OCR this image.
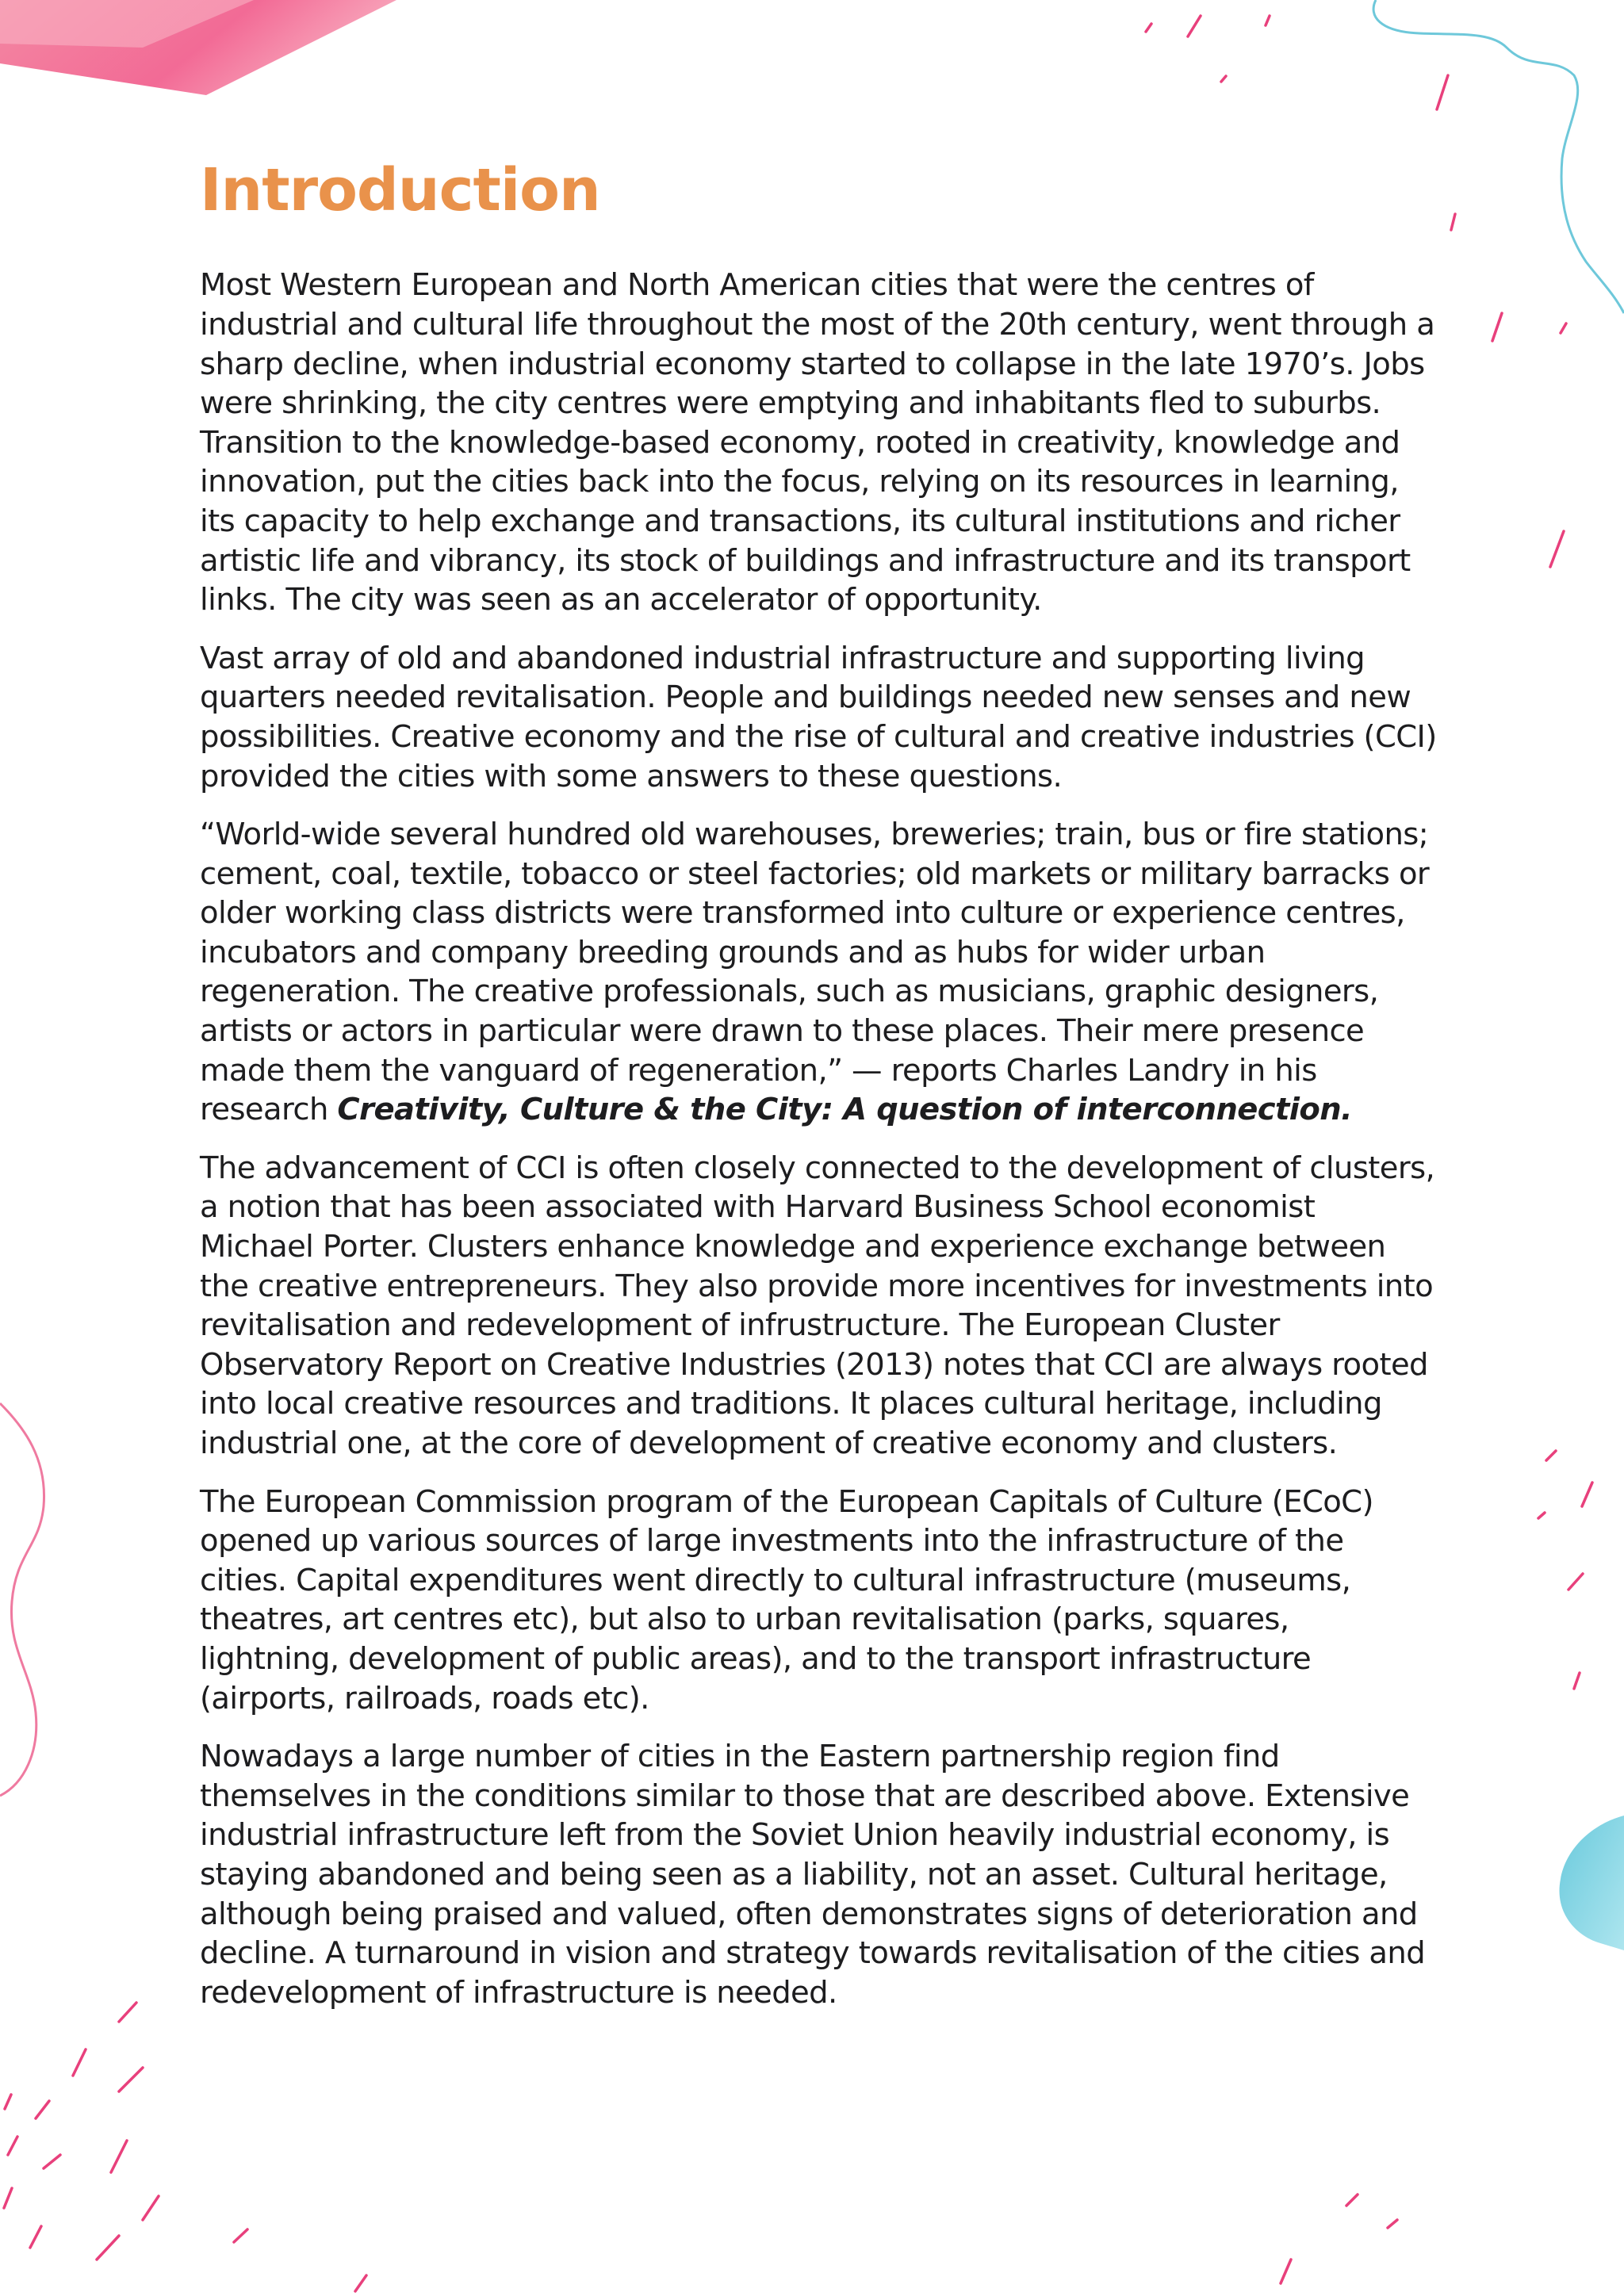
Introduction

Most Western European and North American cities that were the centres of industrial and cultural life throughout the most of the 20th century, went through a sharp decline, when industrial economy started to collapse in the late 1970’s. Jobs were shrinking, the city centres were emptying and inhabitants fled to suburbs. Transition to the knowledge-based economy, rooted in creativity, knowledge and innovation, put the cities back into the focus, relying on its resources in learning, its capacity to help exchange and transactions, its cultural institutions and richer artistic life and vibrancy, its stock of buildings and infrastructure and its transport links. The city was seen as an accelerator of opportunity.

Vast array of old and abandoned industrial infrastructure and supporting living quarters needed revitalisation. People and buildings needed new senses and new possibilities. Creative economy and the rise of cultural and creative industries (CCI) provided the cities with some answers to these questions.

“World-wide several hundred old warehouses, breweries; train, bus or fire stations; cement, coal, textile, tobacco or steel factories; old markets or military barracks or older working class districts were transformed into culture or experience centres, incubators and company breeding grounds and as hubs for wider urban regeneration. The creative professionals, such as musicians, graphic designers, artists or actors in particular were drawn to these places. Their mere presence made them the vanguard of regeneration,” — reports Charles Landry in his research Creativity, Culture & the City: A question of interconnection.

The advancement of CCI is often closely connected to the development of clusters, a notion that has been associated with Harvard Business School economist Michael Porter. Clusters enhance knowledge and experience exchange between the creative entrepreneurs. They also provide more incentives for investments into revitalisation and redevelopment of infrustructure. The European Cluster Observatory Report on Creative Industries (2013) notes that CCI are always rooted into local creative resources and traditions. It places cultural heritage, including industrial one, at the core of development of creative economy and clusters.

The European Commission program of the European Capitals of Culture (ECoC) opened up various sources of large investments into the infrastructure of the cities. Capital expenditures went directly to cultural infrastructure (museums, theatres, art centres etc), but also to urban revitalisation (parks, squares, lightning, development of public areas), and to the transport infrastructure (airports, railroads, roads etc).

Nowadays a large number of cities in the Eastern partnership region find themselves in the conditions similar to those that are described above. Extensive industrial infrastructure left from the Soviet Union heavily industrial economy, is staying abandoned and being seen as a liability, not an asset. Cultural heritage, although being praised and valued, often demonstrates signs of deterioration and decline. A turnaround in vision and strategy towards revitalisation of the cities and redevelopment of infrastructure is needed.
